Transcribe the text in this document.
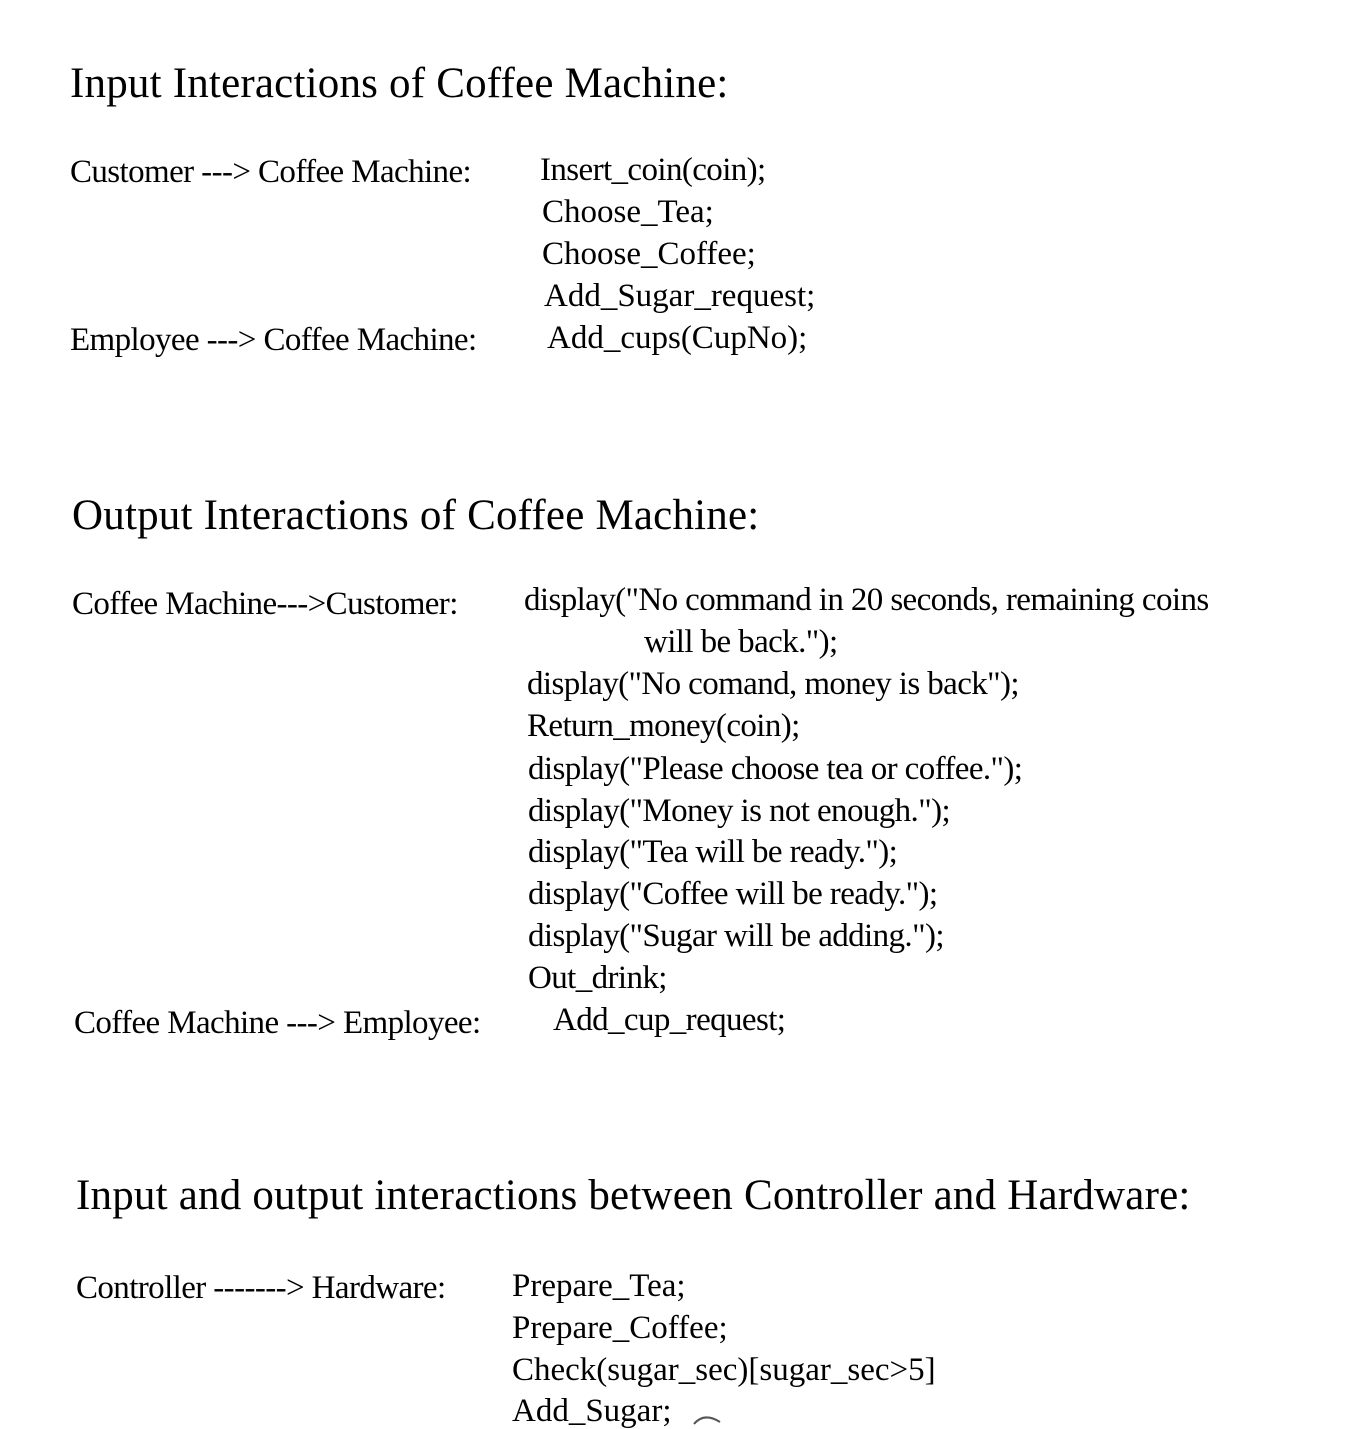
Input Interactions of Coffee Machine:
Customer ---> Coffee Machine: Insert_coin(coin);
Choose_Tea;
Choose_Coffee;
Add_Sugar_request;
Employee ---> Coffee Machine: Add_cups(CupNo);
Output Interactions of Coffee Machine:
Coffee Machine--->Customer: display("No command in 20 seconds, remaining coins
will be back.");
display("No comand, money is back");
Return_money(coin);
display("Please choose tea or coffee.");
display("Money is not enough.");
display("Tea will be ready.");
display("Coffee will be ready.");
display("Sugar will be adding.");
Out_drink;
Coffee Machine ---> Employee: Add_cup_request;
Input and output interactions between Controller and Hardware:
Controller -------> Hardware: Prepare_Tea;
Prepare_Coffee;
Check(sugar_sec)[sugar_sec>5]
Add_Sugar;
